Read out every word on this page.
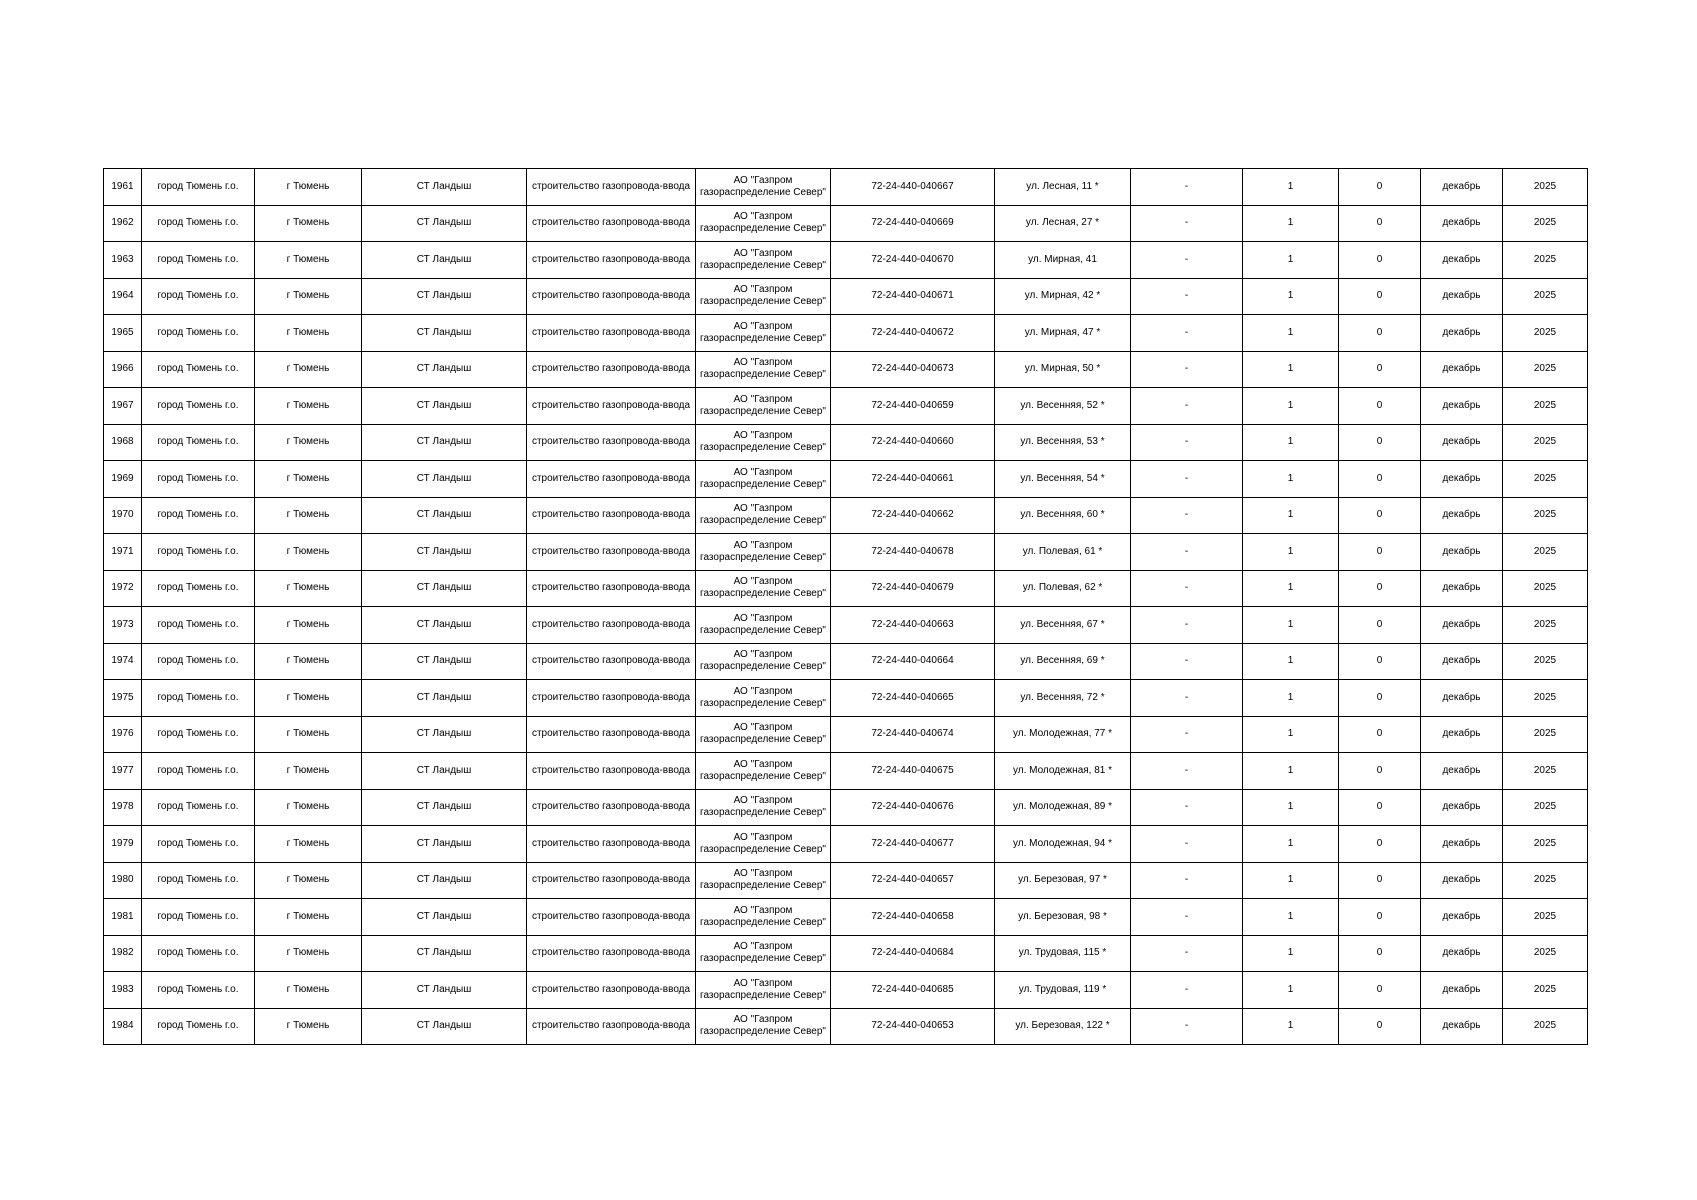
1961	город Тюмень г.о.	г Тюмень	СТ Ландыш	строительство газопровода-ввода	АО "Газпром газораспределение Север"	72-24-440-040667	ул. Лесная, 11 *	-	1	0	декабрь	2025
1962	город Тюмень г.о.	г Тюмень	СТ Ландыш	строительство газопровода-ввода	АО "Газпром газораспределение Север"	72-24-440-040669	ул. Лесная, 27 *	-	1	0	декабрь	2025
1963	город Тюмень г.о.	г Тюмень	СТ Ландыш	строительство газопровода-ввода	АО "Газпром газораспределение Север"	72-24-440-040670	ул. Мирная, 41	-	1	0	декабрь	2025
1964	город Тюмень г.о.	г Тюмень	СТ Ландыш	строительство газопровода-ввода	АО "Газпром газораспределение Север"	72-24-440-040671	ул. Мирная, 42 *	-	1	0	декабрь	2025
1965	город Тюмень г.о.	г Тюмень	СТ Ландыш	строительство газопровода-ввода	АО "Газпром газораспределение Север"	72-24-440-040672	ул. Мирная, 47 *	-	1	0	декабрь	2025
1966	город Тюмень г.о.	г Тюмень	СТ Ландыш	строительство газопровода-ввода	АО "Газпром газораспределение Север"	72-24-440-040673	ул. Мирная, 50 *	-	1	0	декабрь	2025
1967	город Тюмень г.о.	г Тюмень	СТ Ландыш	строительство газопровода-ввода	АО "Газпром газораспределение Север"	72-24-440-040659	ул. Весенняя, 52 *	-	1	0	декабрь	2025
1968	город Тюмень г.о.	г Тюмень	СТ Ландыш	строительство газопровода-ввода	АО "Газпром газораспределение Север"	72-24-440-040660	ул. Весенняя, 53 *	-	1	0	декабрь	2025
1969	город Тюмень г.о.	г Тюмень	СТ Ландыш	строительство газопровода-ввода	АО "Газпром газораспределение Север"	72-24-440-040661	ул. Весенняя, 54 *	-	1	0	декабрь	2025
1970	город Тюмень г.о.	г Тюмень	СТ Ландыш	строительство газопровода-ввода	АО "Газпром газораспределение Север"	72-24-440-040662	ул. Весенняя, 60 *	-	1	0	декабрь	2025
1971	город Тюмень г.о.	г Тюмень	СТ Ландыш	строительство газопровода-ввода	АО "Газпром газораспределение Север"	72-24-440-040678	ул. Полевая, 61 *	-	1	0	декабрь	2025
1972	город Тюмень г.о.	г Тюмень	СТ Ландыш	строительство газопровода-ввода	АО "Газпром газораспределение Север"	72-24-440-040679	ул. Полевая, 62 *	-	1	0	декабрь	2025
1973	город Тюмень г.о.	г Тюмень	СТ Ландыш	строительство газопровода-ввода	АО "Газпром газораспределение Север"	72-24-440-040663	ул. Весенняя, 67 *	-	1	0	декабрь	2025
1974	город Тюмень г.о.	г Тюмень	СТ Ландыш	строительство газопровода-ввода	АО "Газпром газораспределение Север"	72-24-440-040664	ул. Весенняя, 69 *	-	1	0	декабрь	2025
1975	город Тюмень г.о.	г Тюмень	СТ Ландыш	строительство газопровода-ввода	АО "Газпром газораспределение Север"	72-24-440-040665	ул. Весенняя, 72 *	-	1	0	декабрь	2025
1976	город Тюмень г.о.	г Тюмень	СТ Ландыш	строительство газопровода-ввода	АО "Газпром газораспределение Север"	72-24-440-040674	ул. Молодежная, 77 *	-	1	0	декабрь	2025
1977	город Тюмень г.о.	г Тюмень	СТ Ландыш	строительство газопровода-ввода	АО "Газпром газораспределение Север"	72-24-440-040675	ул. Молодежная, 81 *	-	1	0	декабрь	2025
1978	город Тюмень г.о.	г Тюмень	СТ Ландыш	строительство газопровода-ввода	АО "Газпром газораспределение Север"	72-24-440-040676	ул. Молодежная, 89 *	-	1	0	декабрь	2025
1979	город Тюмень г.о.	г Тюмень	СТ Ландыш	строительство газопровода-ввода	АО "Газпром газораспределение Север"	72-24-440-040677	ул. Молодежная, 94 *	-	1	0	декабрь	2025
1980	город Тюмень г.о.	г Тюмень	СТ Ландыш	строительство газопровода-ввода	АО "Газпром газораспределение Север"	72-24-440-040657	ул. Березовая, 97 *	-	1	0	декабрь	2025
1981	город Тюмень г.о.	г Тюмень	СТ Ландыш	строительство газопровода-ввода	АО "Газпром газораспределение Север"	72-24-440-040658	ул. Березовая, 98 *	-	1	0	декабрь	2025
1982	город Тюмень г.о.	г Тюмень	СТ Ландыш	строительство газопровода-ввода	АО "Газпром газораспределение Север"	72-24-440-040684	ул. Трудовая, 115 *	-	1	0	декабрь	2025
1983	город Тюмень г.о.	г Тюмень	СТ Ландыш	строительство газопровода-ввода	АО "Газпром газораспределение Север"	72-24-440-040685	ул. Трудовая, 119 *	-	1	0	декабрь	2025
1984	город Тюмень г.о.	г Тюмень	СТ Ландыш	строительство газопровода-ввода	АО "Газпром газораспределение Север"	72-24-440-040653	ул. Березовая, 122 *	-	1	0	декабрь	2025
